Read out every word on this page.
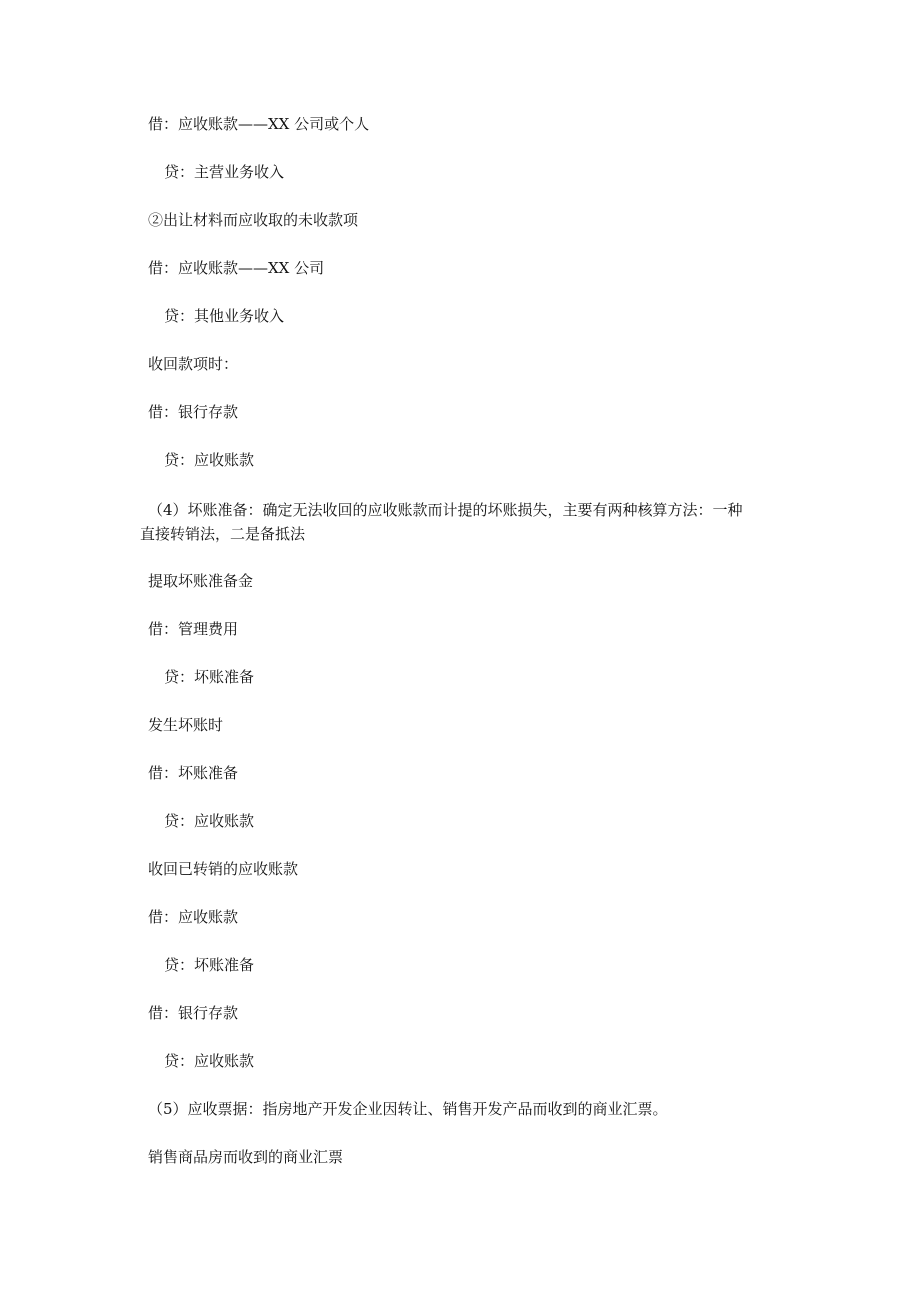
借：应收账款——XX 公司或个人
贷：主营业务收入
②出让材料而应收取的未收款项
借：应收账款——XX 公司
贷：其他业务收入
收回款项时：
借：银行存款
贷：应收账款
（4）坏账准备：确定无法收回的应收账款而计提的坏账损失，主要有两种核算方法：一种
直接转销法，二是备抵法
提取坏账准备金
借：管理费用
贷：坏账准备
发生坏账时
借：坏账准备
贷：应收账款
收回已转销的应收账款
借：应收账款
贷：坏账准备
借：银行存款
贷：应收账款
（5）应收票据：指房地产开发企业因转让、销售开发产品而收到的商业汇票。
销售商品房而收到的商业汇票
